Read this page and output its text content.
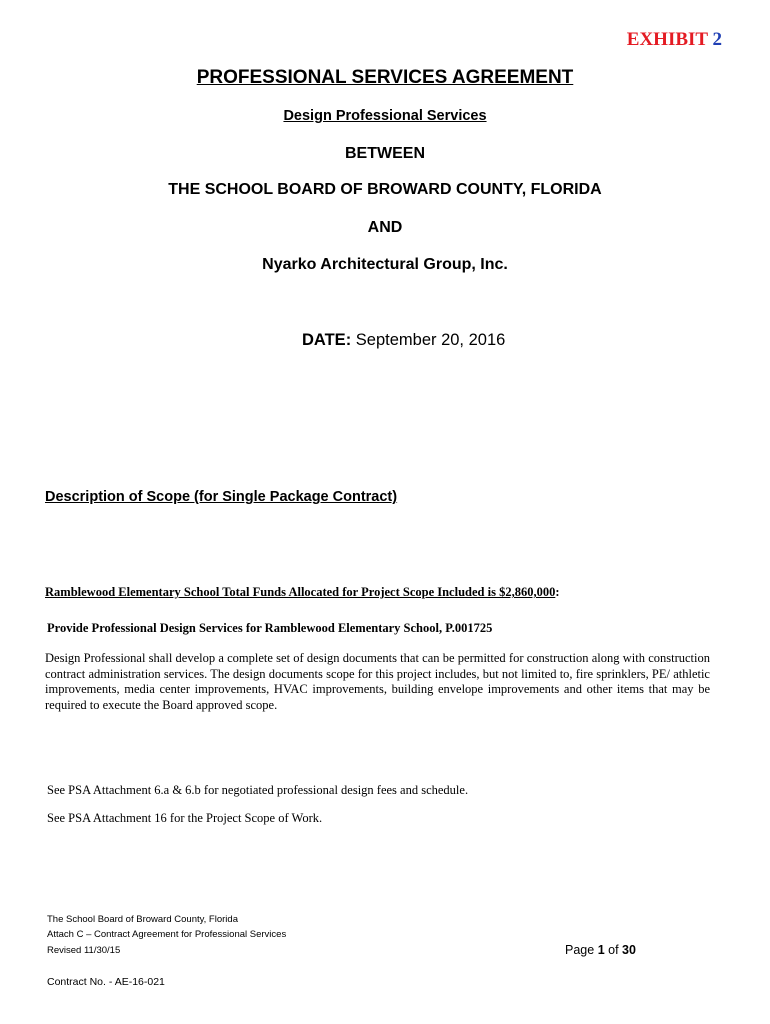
EXHIBIT 2
PROFESSIONAL SERVICES AGREEMENT
Design Professional Services
BETWEEN
THE SCHOOL BOARD OF BROWARD COUNTY, FLORIDA
AND
Nyarko Architectural Group, Inc.
DATE: September 20, 2016
Description of Scope (for Single Package Contract)
Ramblewood Elementary School Total Funds Allocated for Project Scope Included is $2,860,000:
Provide Professional Design Services for Ramblewood Elementary School, P.001725
Design Professional shall develop a complete set of design documents that can be permitted for construction along with construction contract administration services. The design documents scope for this project includes, but not limited to, fire sprinklers, PE/ athletic improvements, media center improvements, HVAC improvements, building envelope improvements and other items that may be required to execute the Board approved scope.
See PSA Attachment 6.a & 6.b for negotiated professional design fees and schedule.
See PSA Attachment 16 for the Project Scope of Work.
The School Board of Broward County, Florida
Attach C – Contract Agreement for Professional Services
Revised 11/30/15	Page 1 of 30
Contract No. - AE-16-021
